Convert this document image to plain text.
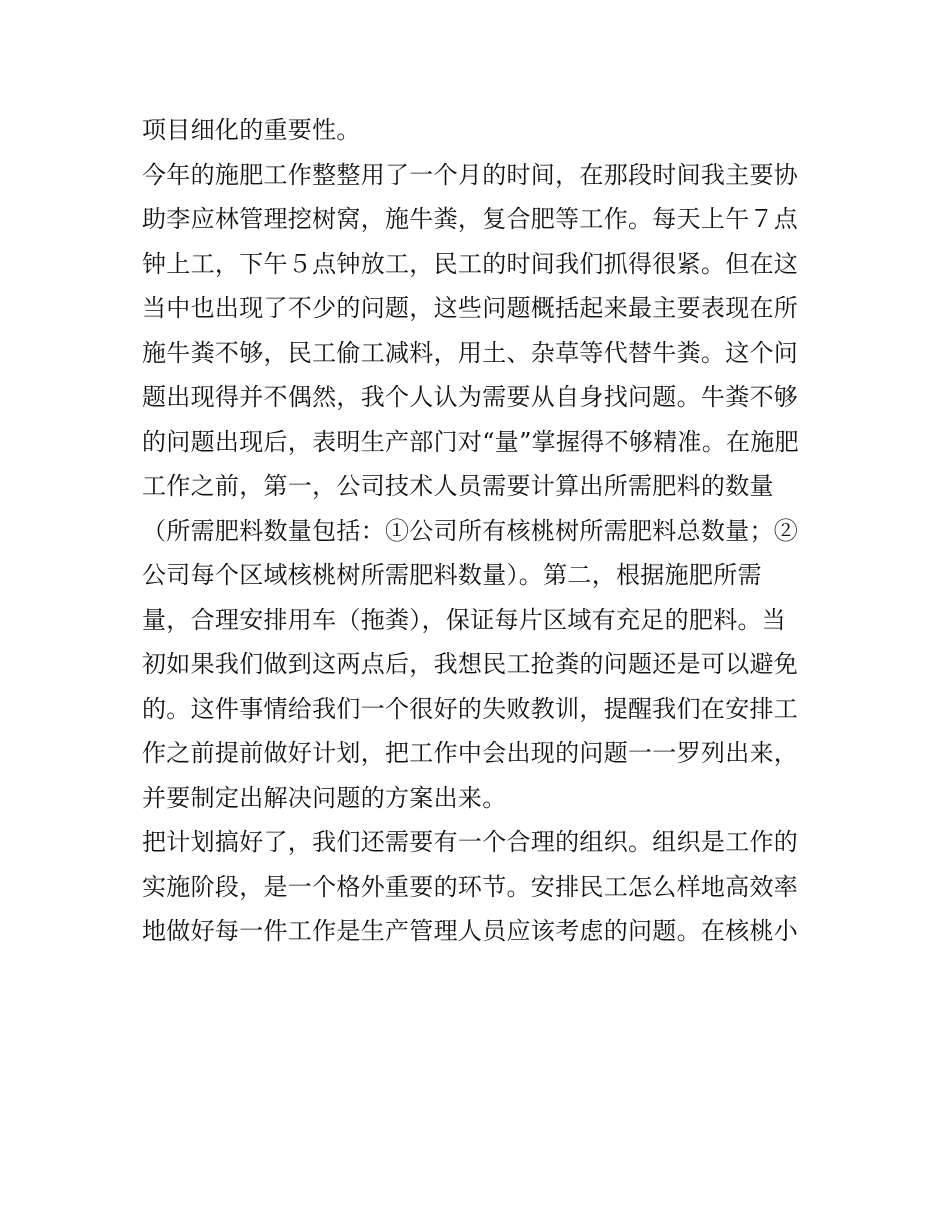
项目细化的重要性。
今年的施肥工作整整用了一个月的时间，在那段时间我主要协
助李应林管理挖树窝，施牛粪，复合肥等工作。每天上午７点
钟上工，下午５点钟放工，民工的时间我们抓得很紧。但在这
当中也出现了不少的问题，这些问题概括起来最主要表现在所
施牛粪不够，民工偷工减料，用土、杂草等代替牛粪。这个问
题出现得并不偶然，我个人认为需要从自身找问题。牛粪不够
的问题出现后，表明生产部门对“量”掌握得不够精准。在施肥
工作之前，第一，公司技术人员需要计算出所需肥料的数量
（所需肥料数量包括：①公司所有核桃树所需肥料总数量；②
公司每个区域核桃树所需肥料数量）。第二，根据施肥所需
量，合理安排用车（拖粪），保证每片区域有充足的肥料。当
初如果我们做到这两点后，我想民工抢粪的问题还是可以避免
的。这件事情给我们一个很好的失败教训，提醒我们在安排工
作之前提前做好计划，把工作中会出现的问题一一罗列出来，
并要制定出解决问题的方案出来。
把计划搞好了，我们还需要有一个合理的组织。组织是工作的
实施阶段，是一个格外重要的环节。安排民工怎么样地高效率
地做好每一件工作是生产管理人员应该考虑的问题。在核桃小
